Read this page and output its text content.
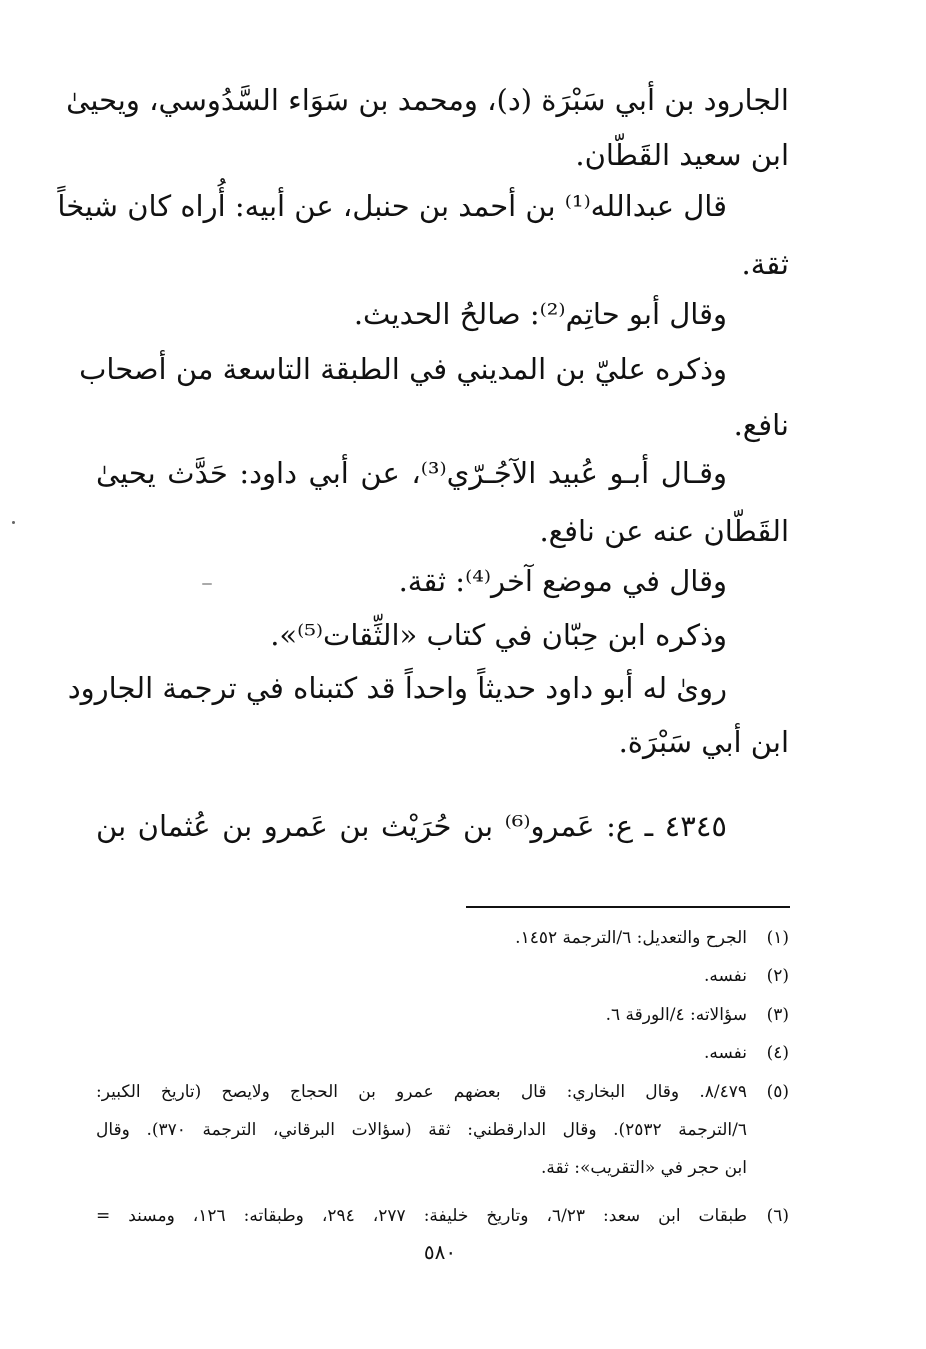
الجارود بن أبي سَبْرَة (د)، ومحمد بن سَوَاء السَّدُوسي، ويحيىٰ
ابن سعيد القَطّان.
قال عبدالله⁽¹⁾ بن أحمد بن حنبل، عن أبيه: أُراه كان شيخاً
ثقة.
وقال أبو حاتِم⁽²⁾: صالحُ الحديث.
وذكره عليّ بن المديني في الطبقة التاسعة من أصحاب
نافع.
وقـال أبـو عُبيد الآجُـرّي⁽³⁾، عن أبي داود: حَدَّث يحيىٰ
القَطّان عنه عن نافع.
وقال في موضع آخر⁽⁴⁾: ثقة.
وذكره ابن حِبّان في كتاب «الثِّقات⁽⁵⁾».
روىٰ له أبو داود حديثاً واحداً قد كتبناه في ترجمة الجارود
ابن أبي سَبْرَة.
٤٣٤٥ ـ ع: عَمرو⁽⁶⁾ بن حُرَيْث بن عَمرو بن عُثمان بن
(١)
الجرح والتعديل: ٦/الترجمة ١٤٥٢.
(٢)
نفسه.
(٣)
سؤالاته: ٤/الورقة ٦.
(٤)
نفسه.
(٥)
٨/٤٧٩. وقال البخاري: قال بعضهم عمرو بن الحجاج ولايصح (تاريخ الكبير:
٦/الترجمة ٢٥٣٢). وقال الدارقطني: ثقة (سؤالات البرقاني، الترجمة ٣٧٠). وقال
ابن حجر في «التقريب»: ثقة.
(٦)
طبقات ابن سعد: ٦/٢٣، وتاريخ خليفة: ٢٧٧، ٢٩٤، وطبقاته: ١٢٦، ومسند =
٥٨٠
